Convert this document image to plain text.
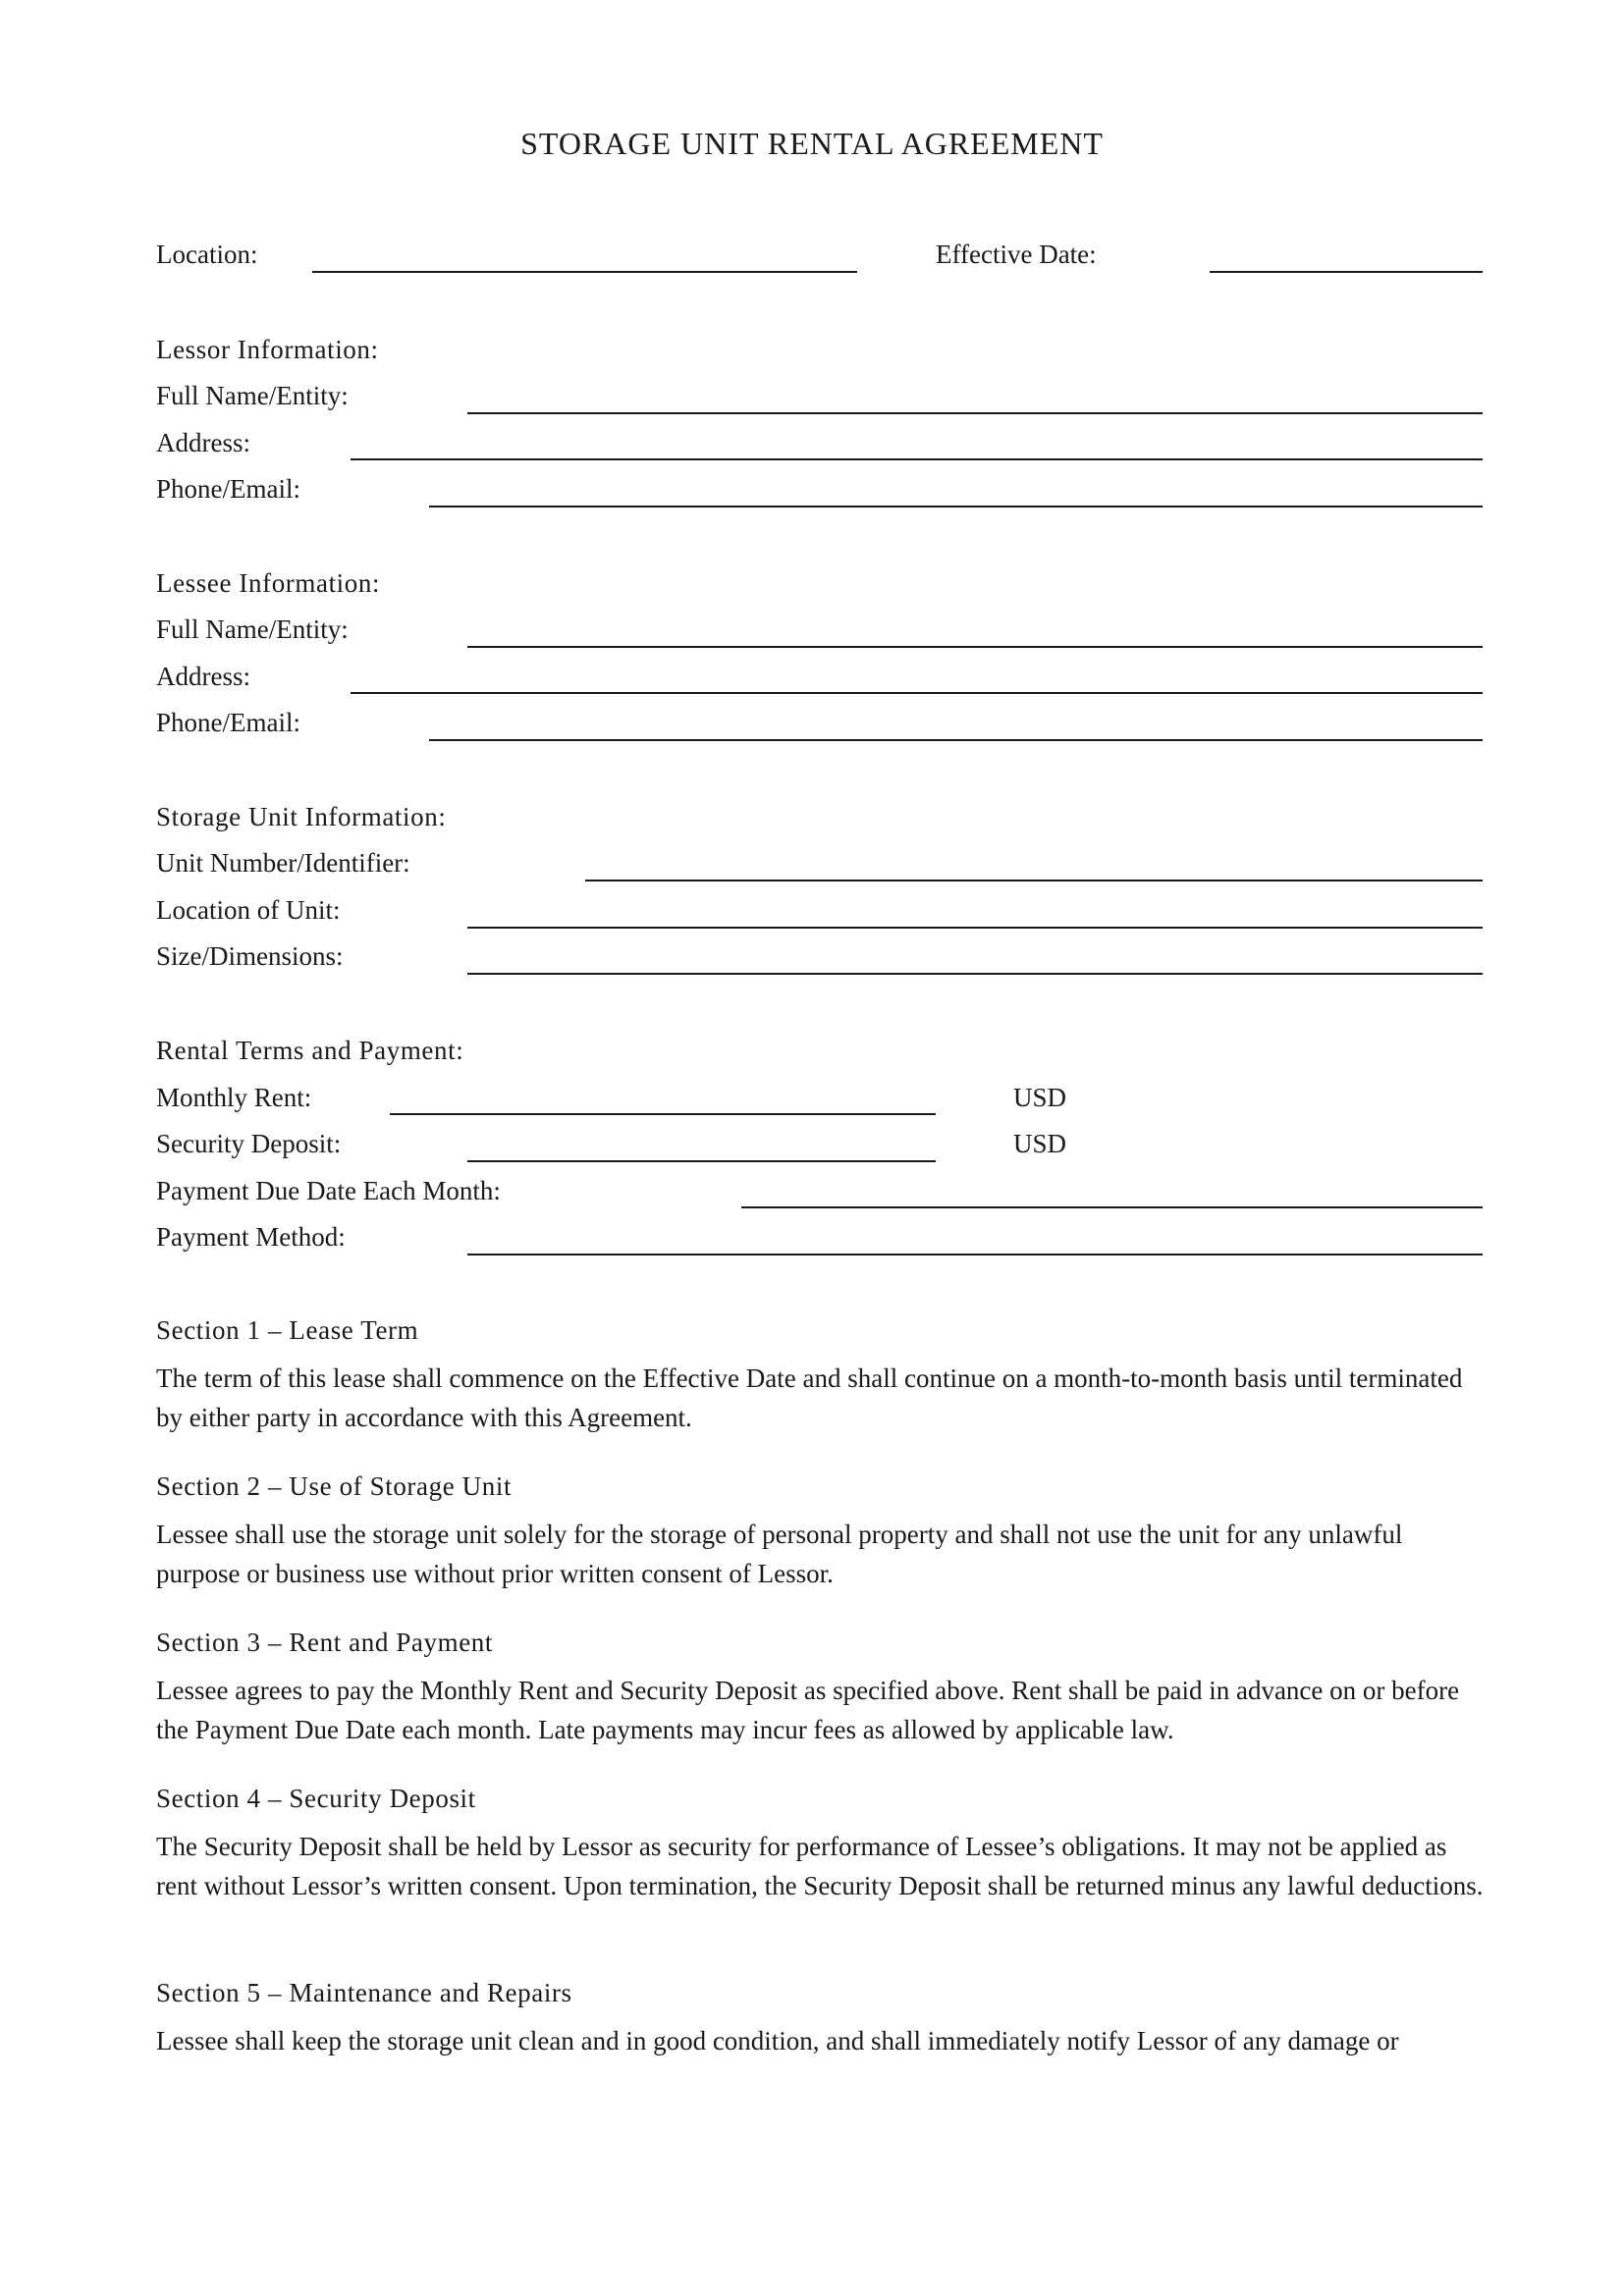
STORAGE UNIT RENTAL AGREEMENT
Location:	Effective Date:
Lessor Information:
Full Name/Entity:
Address:
Phone/Email:
Lessee Information:
Full Name/Entity:
Address:
Phone/Email:
Storage Unit Information:
Unit Number/Identifier:
Location of Unit:
Size/Dimensions:
Rental Terms and Payment:
Monthly Rent:	USD
Security Deposit:	USD
Payment Due Date Each Month:
Payment Method:
Section 1 – Lease Term
The term of this lease shall commence on the Effective Date and shall continue on a month-to-month basis until terminated by either party in accordance with this Agreement.
Section 2 – Use of Storage Unit
Lessee shall use the storage unit solely for the storage of personal property and shall not use the unit for any unlawful purpose or business use without prior written consent of Lessor.
Section 3 – Rent and Payment
Lessee agrees to pay the Monthly Rent and Security Deposit as specified above. Rent shall be paid in advance on or before the Payment Due Date each month. Late payments may incur fees as allowed by applicable law.
Section 4 – Security Deposit
The Security Deposit shall be held by Lessor as security for performance of Lessee’s obligations. It may not be applied as rent without Lessor’s written consent. Upon termination, the Security Deposit shall be returned minus any lawful deductions.
Section 5 – Maintenance and Repairs
Lessee shall keep the storage unit clean and in good condition, and shall immediately notify Lessor of any damage or
